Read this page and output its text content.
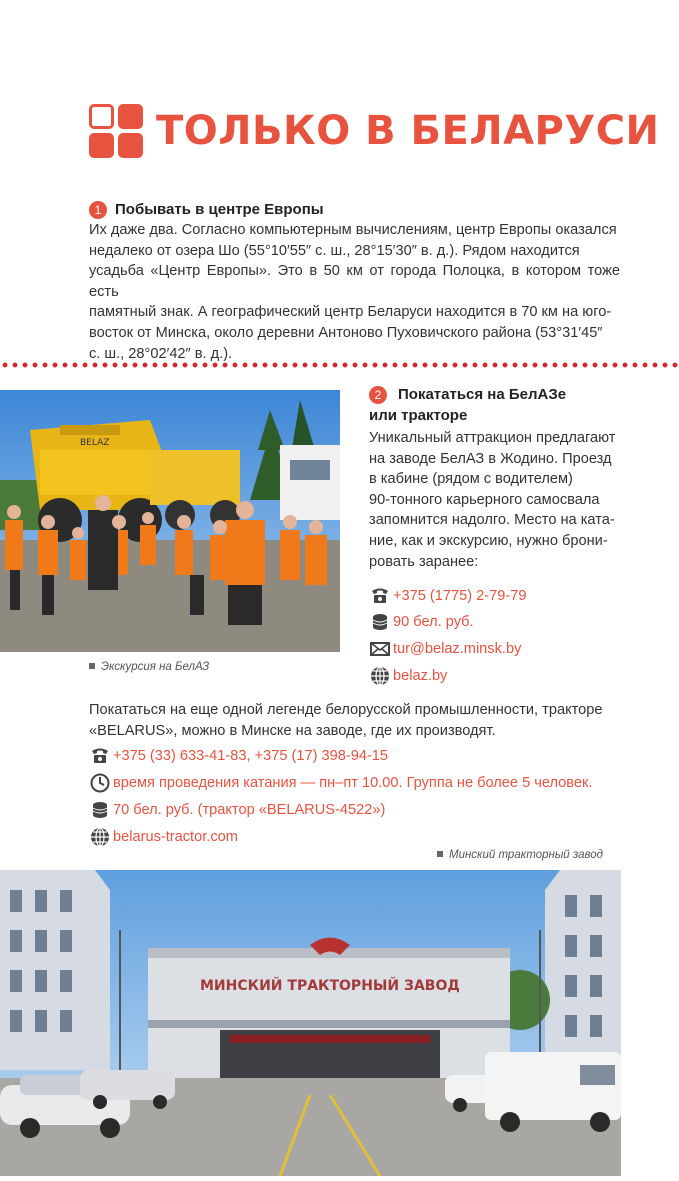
ТОЛЬКО В БЕЛАРУСИ
1 Побывать в центре Европы
Их даже два. Согласно компьютерным вычислениям, центр Европы оказался
недалеко от озера Шо (55°10′55″ с. ш., 28°15′30″ в. д.). Рядом находится
усадьба «Центр Европы». Это в 50 км от города Полоцка, в котором тоже есть
памятный знак. А географический центр Беларуси находится в 70 км на юго-
восток от Минска, около деревни Антоново Пуховичского района (53°31′45″
с. ш., 28°02′42″ в. д.).
BELAZ
Экскурсия на БелАЗ
2	Покататься на БелАЗе
или тракторе
Уникальный аттракцион предлагают
на заводе БелАЗ в Жодино. Проезд
в кабине (рядом с водителем)
90-тонного карьерного самосвала
запомнится надолго. Место на ката-
ние, как и экскурсию, нужно брони-
ровать заранее:
+375 (1775) 2-79-79
90 бел. руб.
tur@belaz.minsk.by
belaz.by
Покататься на еще одной легенде белорусской промышленности, тракторе
«BELARUS», можно в Минске на заводе, где их производят.
+375 (33) 633-41-83, +375 (17) 398-94-15
время проведения катания — пн–пт 10.00. Группа не более 5 человек.
70 бел. руб. (трактор «BELARUS-4522»)
belarus-tractor.com
Минский тракторный завод
МИНСКИЙ ТРАКТОРНЫЙ ЗАВОД
